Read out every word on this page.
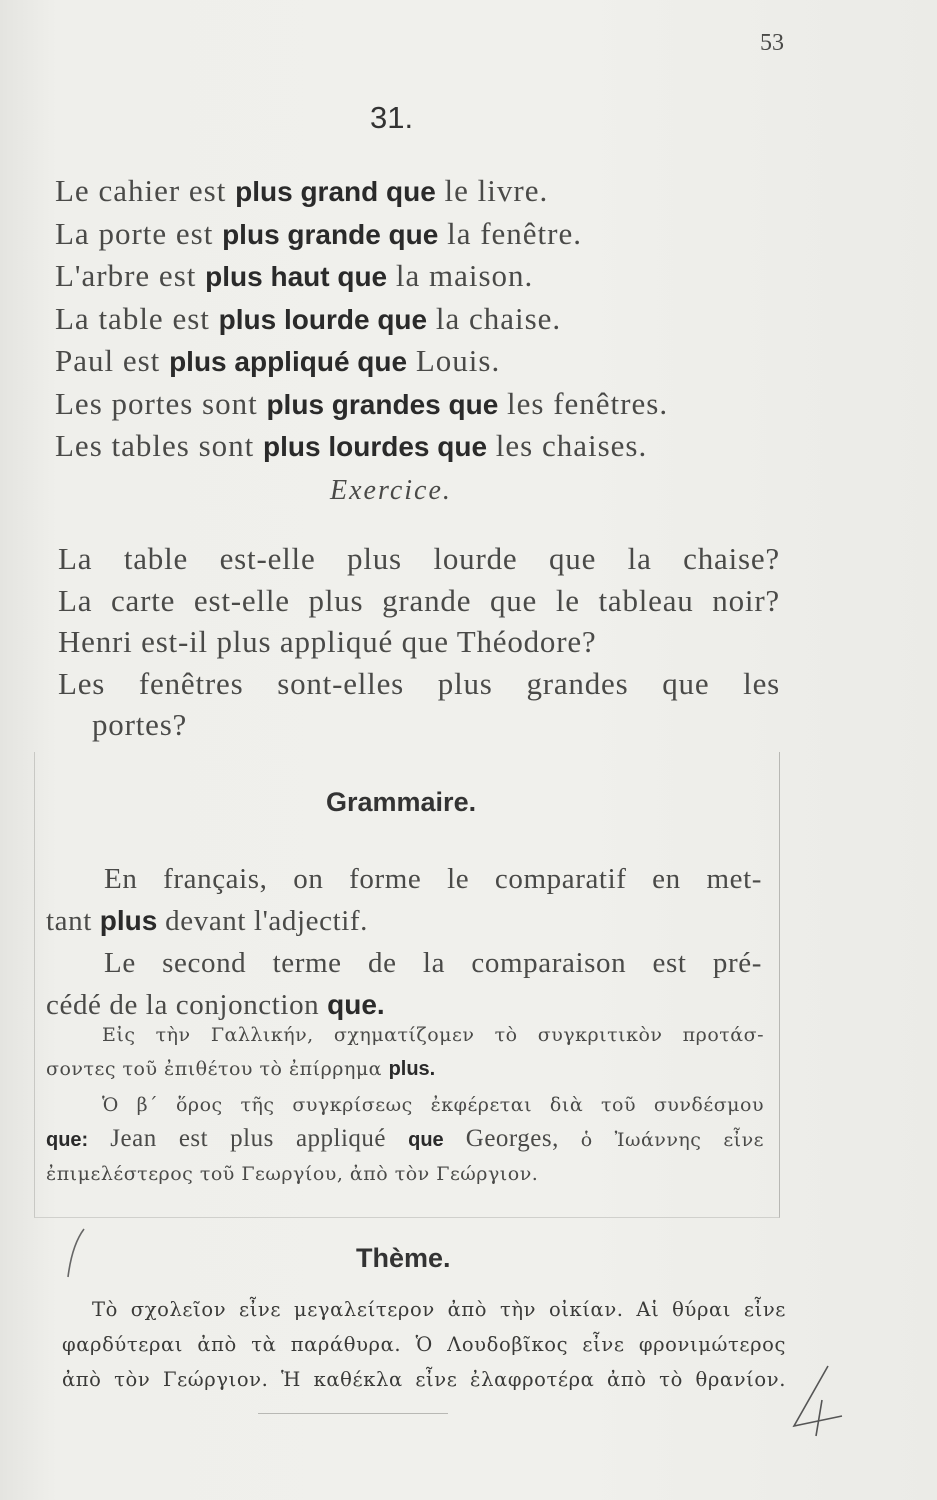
53
31.
Le cahier est plus grand que le livre.
La porte est plus grande que la fenêtre.
L'arbre est plus haut que la maison.
La table est plus lourde que la chaise.
Paul est plus appliqué que Louis.
Les portes sont plus grandes que les fenêtres.
Les tables sont plus lourdes que les chaises.
Exercice.
La table est-elle plus lourde que la chaise?
La carte est-elle plus grande que le tableau noir?
Henri est-il plus appliqué que Théodore?
Les fenêtres sont-elles plus grandes que les
portes?
Grammaire.
En français, on forme le comparatif en met-
tant plus devant l'adjectif.
Le second terme de la comparaison est pré-
cédé de la conjonction que.
Εἰς τὴν Γαλλικήν, σχηματίζομεν τὸ συγκριτικὸν προτάσ-
σοντες τοῦ ἐπιθέτου τὸ ἐπίρρημα plus.
Ὁ β΄ ὅρος τῆς συγκρίσεως ἐκφέρεται διὰ τοῦ συνδέσμου
que: Jean est plus appliqué que Georges, ὁ Ἰωάννης εἶνε
ἐπιμελέστερος τοῦ Γεωργίου, ἀπὸ τὸν Γεώργιον.
Thème.
Τὸ σχολεῖον εἶνε μεγαλείτερον ἀπὸ τὴν οἰκίαν. Αἱ θύραι εἶνε
φαρδύτεραι ἀπὸ τὰ παράθυρα. Ὁ Λουδοβῖκος εἶνε φρονιμώτερος
ἀπὸ τὸν Γεώργιον. Ἡ καθέκλα εἶνε ἐλαφροτέρα ἀπὸ τὸ θρανίον.
